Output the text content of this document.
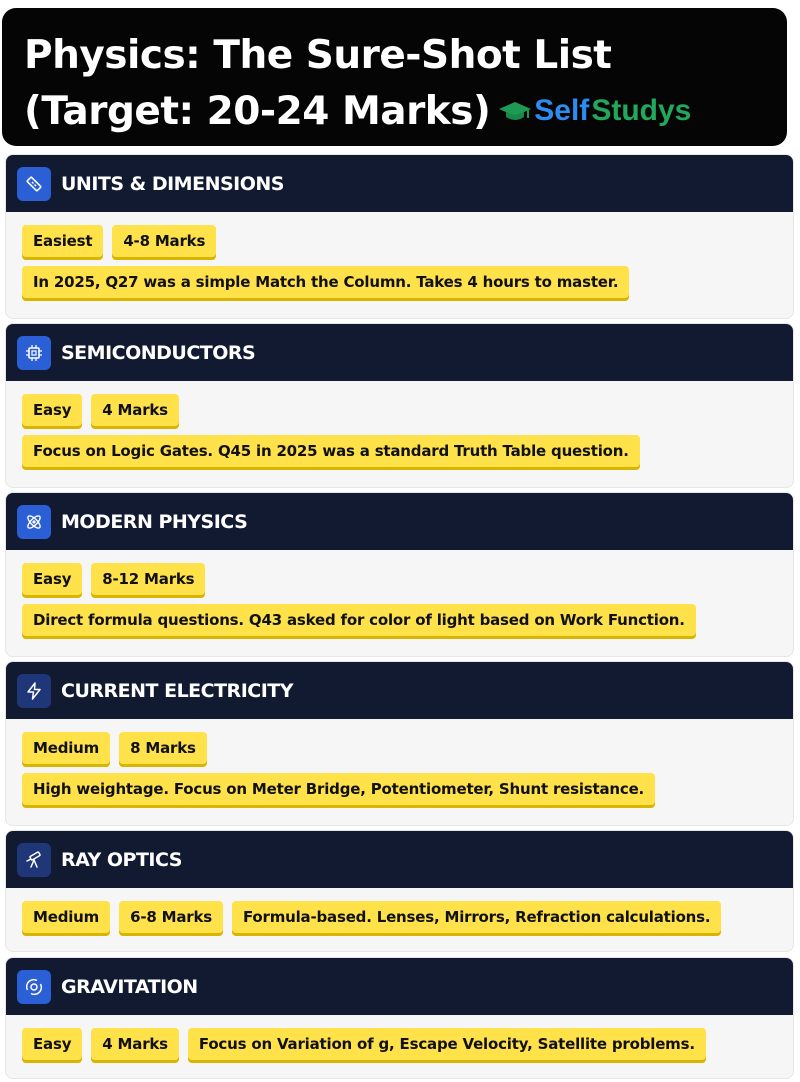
Physics: The Sure-Shot List
(Target: 20-24 Marks) Self Studys
UNITS & DIMENSIONS
Easiest	4-8 Marks
In 2025, Q27 was a simple Match the Column. Takes 4 hours to master.
SEMICONDUCTORS
Easy	4 Marks
Focus on Logic Gates. Q45 in 2025 was a standard Truth Table question.
MODERN PHYSICS
Easy	8-12 Marks
Direct formula questions. Q43 asked for color of light based on Work Function.
CURRENT ELECTRICITY
Medium	8 Marks
High weightage. Focus on Meter Bridge, Potentiometer, Shunt resistance.
RAY OPTICS
Medium	6-8 Marks	Formula-based. Lenses, Mirrors, Refraction calculations.
GRAVITATION
Easy	4 Marks	Focus on Variation of g, Escape Velocity, Satellite problems.
